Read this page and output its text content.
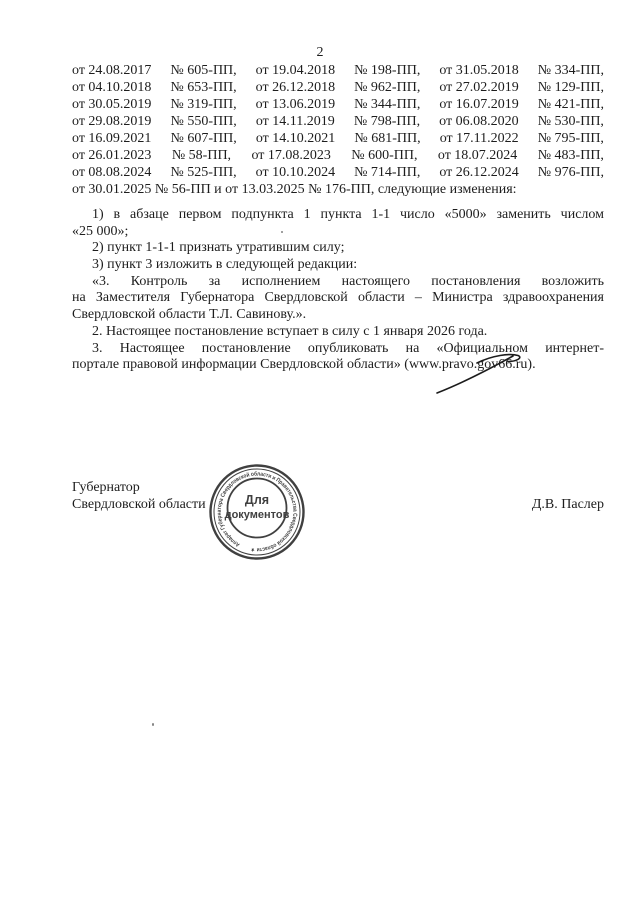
2
от 24.08.2017 № 605-ПП, от 19.04.2018 № 198-ПП, от 31.05.2018 № 334-ПП,
от 04.10.2018 № 653-ПП, от 26.12.2018 № 962-ПП, от 27.02.2019 № 129-ПП,
от 30.05.2019 № 319-ПП, от 13.06.2019 № 344-ПП, от 16.07.2019 № 421-ПП,
от 29.08.2019 № 550-ПП, от 14.11.2019 № 798-ПП, от 06.08.2020 № 530-ПП,
от 16.09.2021 № 607-ПП, от 14.10.2021 № 681-ПП, от 17.11.2022 № 795-ПП,
от 26.01.2023 № 58-ПП, от 17.08.2023 № 600-ПП, от 18.07.2024 № 483-ПП,
от 08.08.2024 № 525-ПП, от 10.10.2024 № 714-ПП, от 26.12.2024 № 976-ПП,
от 30.01.2025 № 56-ПП и от 13.03.2025 № 176-ПП, следующие изменения:
1) в абзаце первом подпункта 1 пункта 1-1 число «5000» заменить числом
«25 000»;
2) пункт 1-1-1 признать утратившим силу;
3) пункт 3 изложить в следующей редакции:
«3. Контроль за исполнением настоящего постановления возложить
на Заместителя Губернатора Свердловской области – Министра здравоохранения
Свердловской области Т.Л. Савинову.».
2. Настоящее постановление вступает в силу с 1 января 2026 года.
3. Настоящее постановление опубликовать на «Официальном интернет-
портале правовой информации Свердловской области» (www.pravo.gov66.ru).
Губернатор
Свердловской области	Д.В. Паслер
Аппарат Губернатора Свердловской области и Правительства Свердловской области ★
Для
документов
